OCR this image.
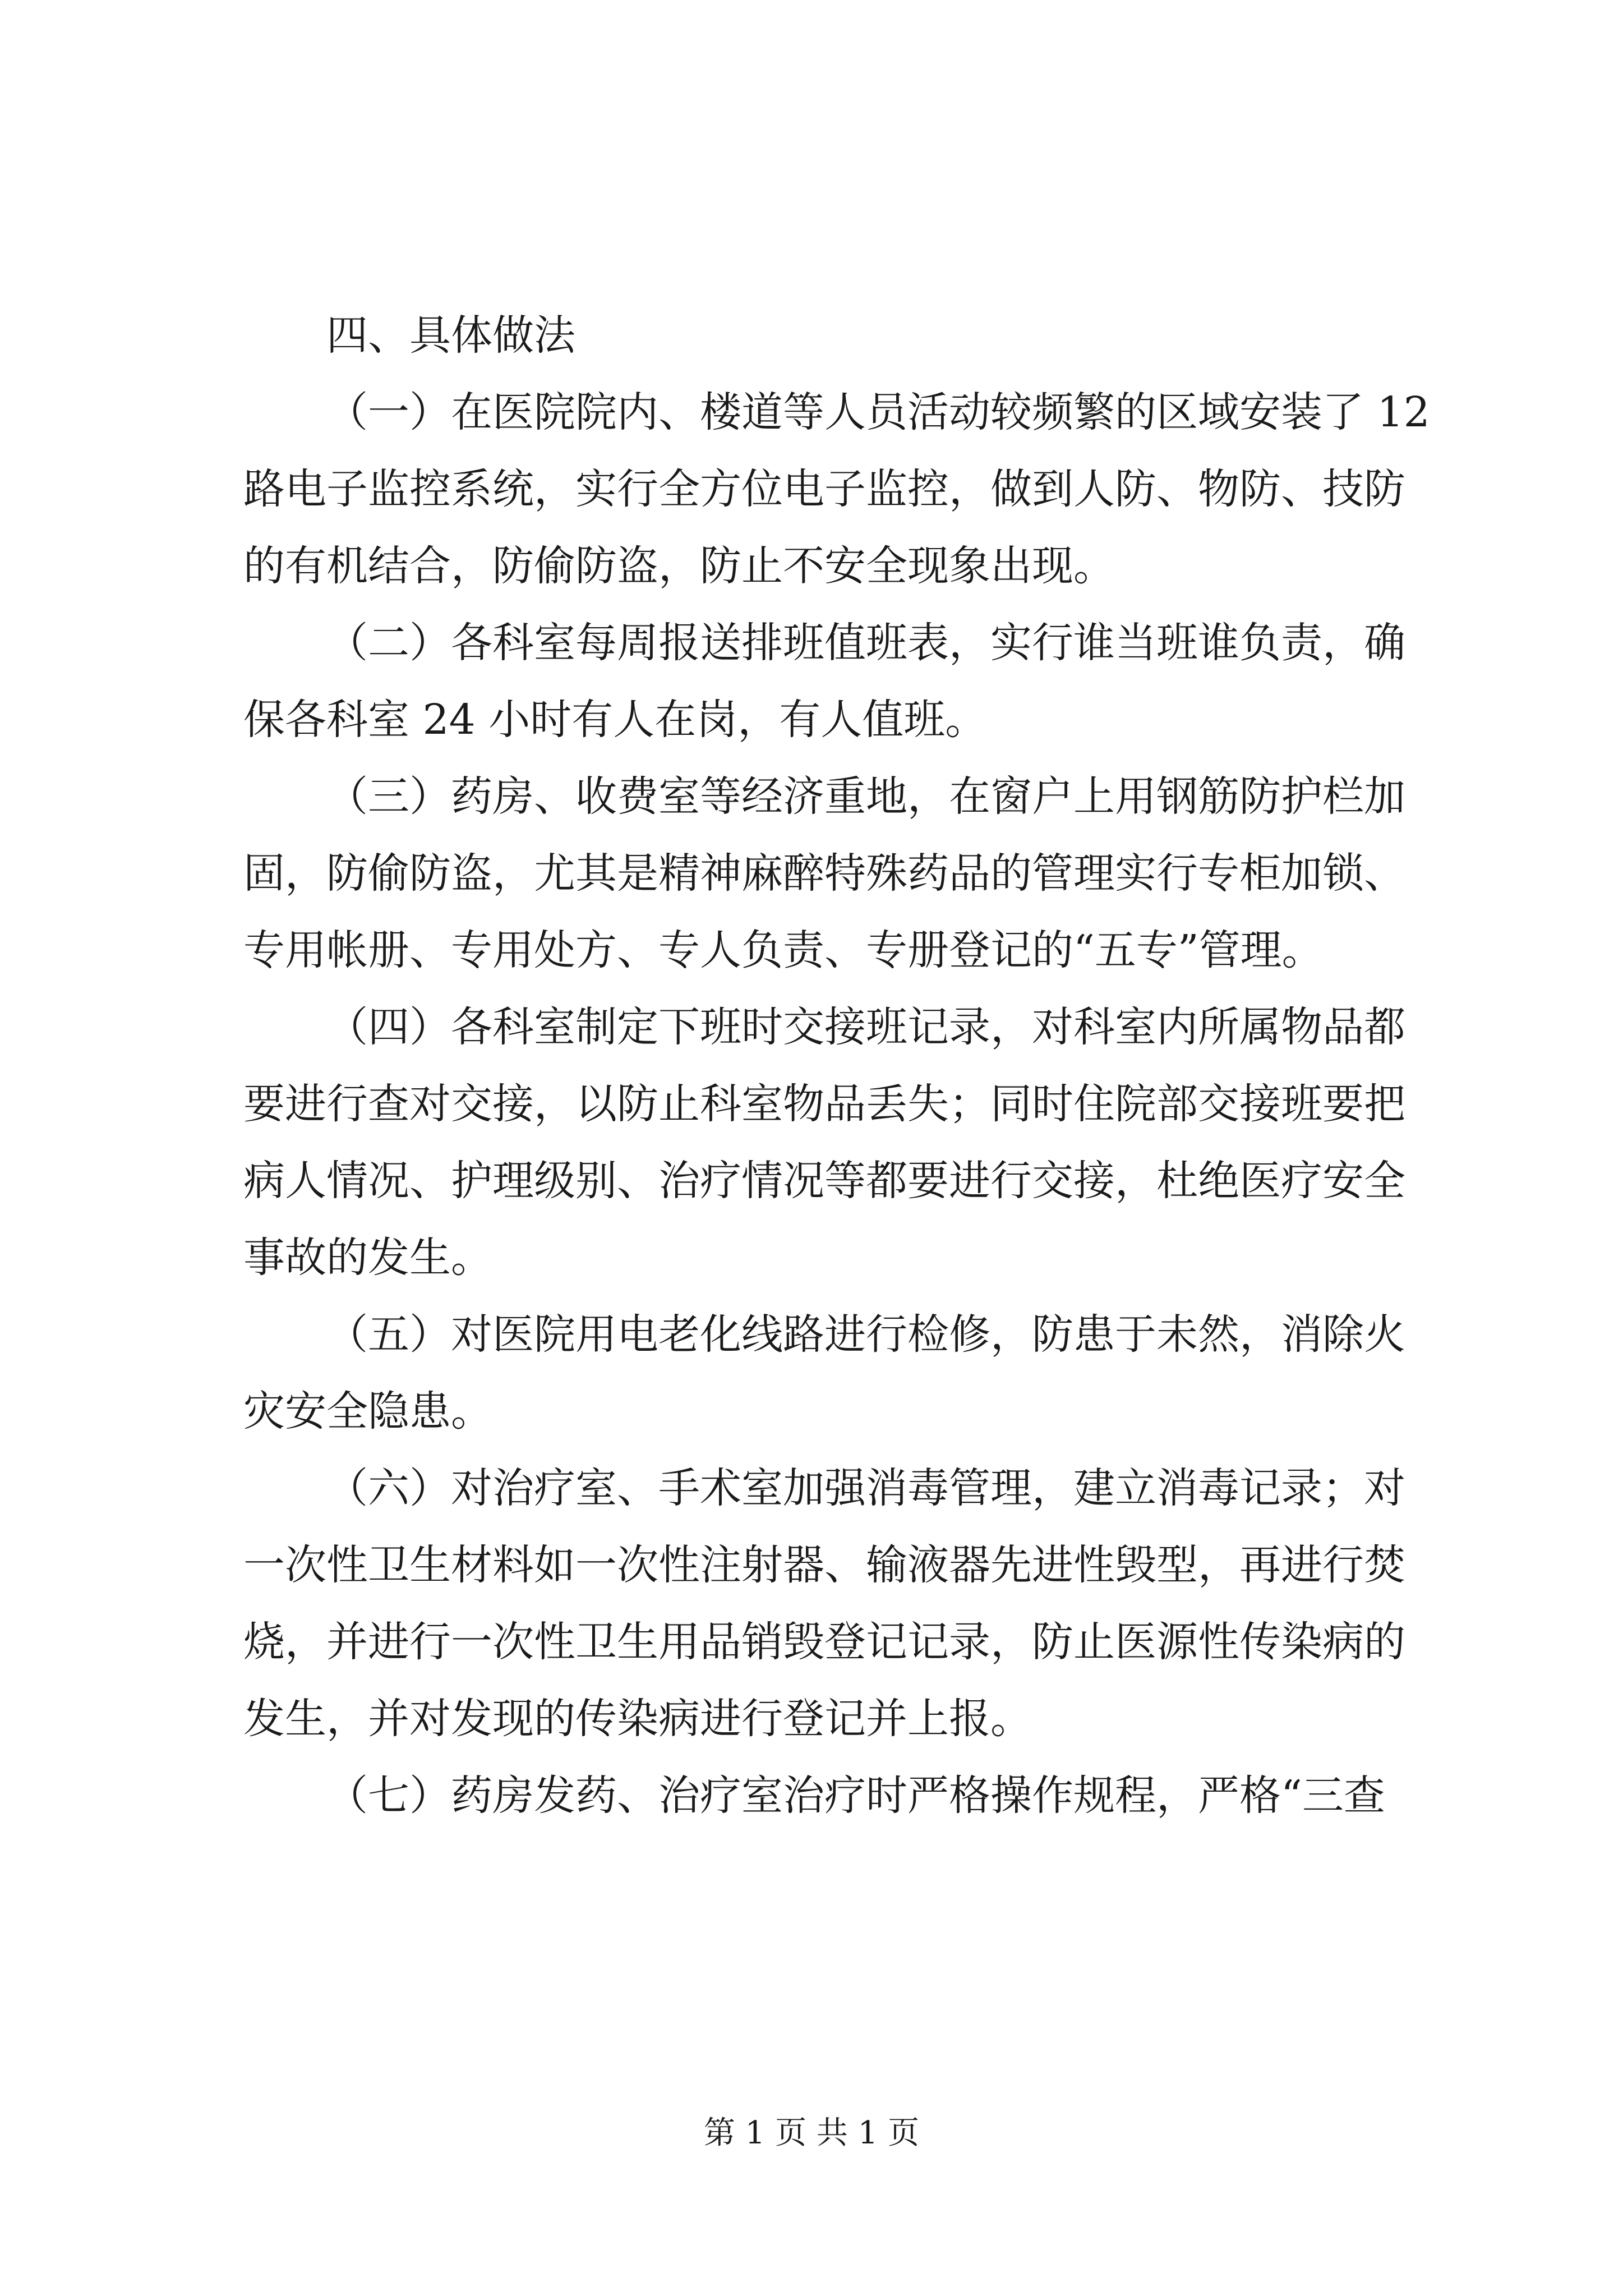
四、具体做法
（一）在医院院内、楼道等人员活动较频繁的区域安装了 12
路电子监控系统，实行全方位电子监控，做到人防、物防、技防
的有机结合，防偷防盗，防止不安全现象出现。
（二）各科室每周报送排班值班表，实行谁当班谁负责，确
保各科室 24 小时有人在岗，有人值班。
（三）药房、收费室等经济重地，在窗户上用钢筋防护栏加
固，防偷防盗，尤其是精神麻醉特殊药品的管理实行专柜加锁、
专用帐册、专用处方、专人负责、专册登记的“五专”管理。
（四）各科室制定下班时交接班记录，对科室内所属物品都
要进行查对交接，以防止科室物品丢失；同时住院部交接班要把
病人情况、护理级别、治疗情况等都要进行交接，杜绝医疗安全
事故的发生。
（五）对医院用电老化线路进行检修，防患于未然，消除火
灾安全隐患。
（六）对治疗室、手术室加强消毒管理，建立消毒记录；对
一次性卫生材料如一次性注射器、输液器先进性毁型，再进行焚
烧，并进行一次性卫生用品销毁登记记录，防止医源性传染病的
发生，并对发现的传染病进行登记并上报。
（七）药房发药、治疗室治疗时严格操作规程，严格“三查
第 1 页 共 1 页
